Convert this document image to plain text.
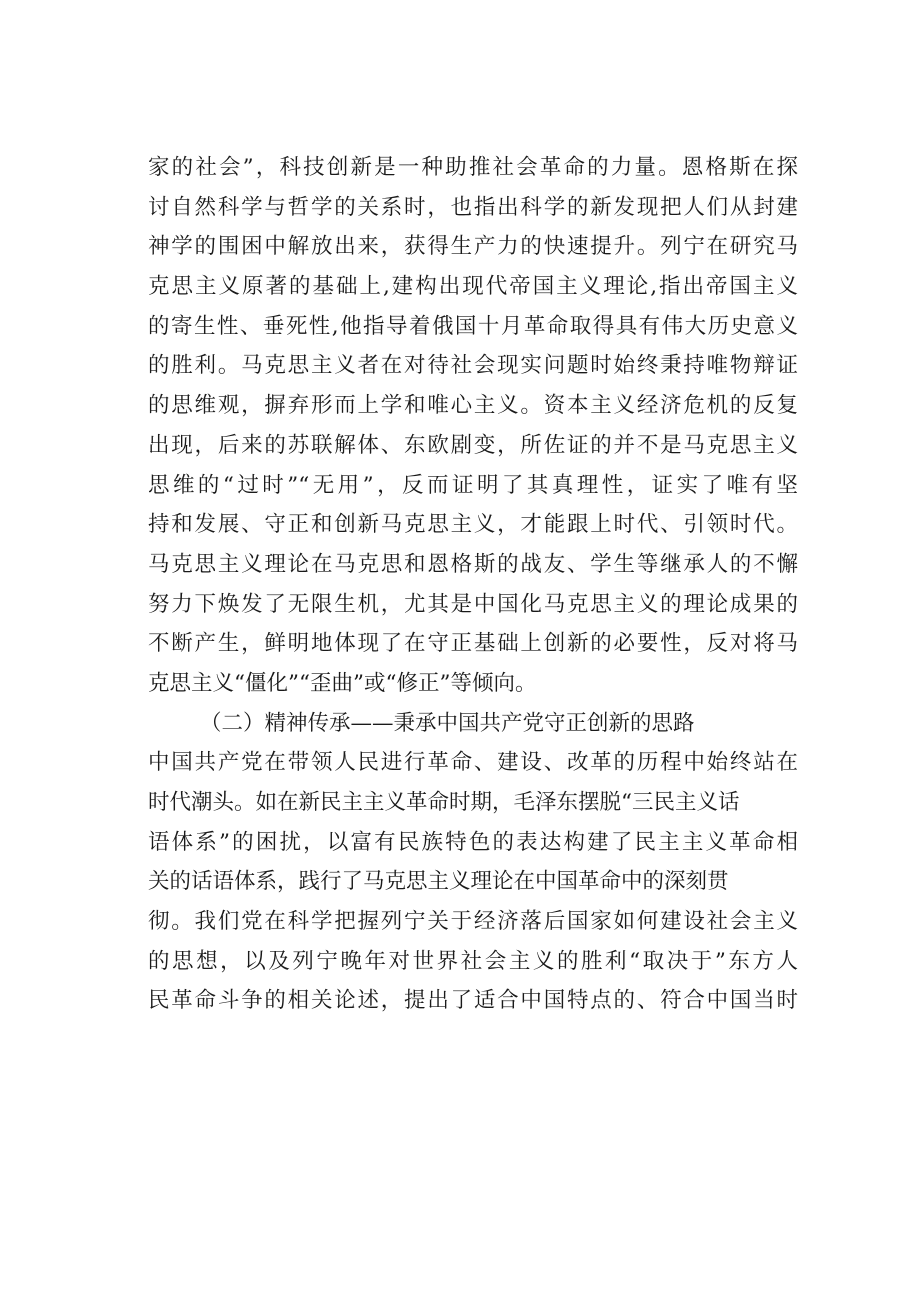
家的社会”，科技创新是一种助推社会革命的力量。恩格斯在探
讨自然科学与哲学的关系时，也指出科学的新发现把人们从封建
神学的围困中解放出来，获得生产力的快速提升。列宁在研究马
克思主义原著的基础上,建构出现代帝国主义理论,指出帝国主义
的寄生性、垂死性,他指导着俄国十月革命取得具有伟大历史意义
的胜利。马克思主义者在对待社会现实问题时始终秉持唯物辩证
的思维观，摒弃形而上学和唯心主义。资本主义经济危机的反复
出现，后来的苏联解体、东欧剧变，所佐证的并不是马克思主义
思维的“过时”“无用”，反而证明了其真理性，证实了唯有坚
持和发展、守正和创新马克思主义，才能跟上时代、引领时代。
马克思主义理论在马克思和恩格斯的战友、学生等继承人的不懈
努力下焕发了无限生机，尤其是中国化马克思主义的理论成果的
不断产生，鲜明地体现了在守正基础上创新的必要性，反对将马
克思主义“僵化”“歪曲”或“修正”等倾向。
（二）精神传承——秉承中国共产党守正创新的思路
中国共产党在带领人民进行革命、建设、改革的历程中始终站在
时代潮头。如在新民主主义革命时期，毛泽东摆脱“三民主义话
语体系”的困扰，以富有民族特色的表达构建了民主主义革命相
关的话语体系，践行了马克思主义理论在中国革命中的深刻贯
彻。我们党在科学把握列宁关于经济落后国家如何建设社会主义
的思想，以及列宁晚年对世界社会主义的胜利“取决于”东方人
民革命斗争的相关论述，提出了适合中国特点的、符合中国当时
